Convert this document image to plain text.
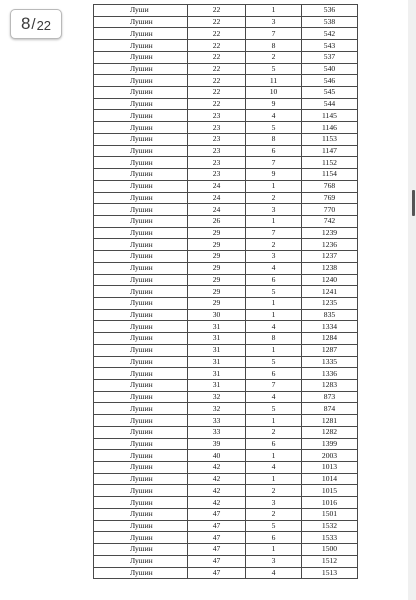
Луши	22	1	536
Лушин	22	3	538
Лушин	22	7	542
Лушин	22	8	543
Лушин	22	2	537
Лушин	22	5	540
Лушин	22	11	546
Лушин	22	10	545
Лушин	22	9	544
Лушин	23	4	1145
Лушин	23	5	1146
Лушин	23	8	1153
Лушин	23	6	1147
Лушин	23	7	1152
Лушин	23	9	1154
Лушин	24	1	768
Лушин	24	2	769
Лушин	24	3	770
Лушин	26	1	742
Лушин	29	7	1239
Лушин	29	2	1236
Лушин	29	3	1237
Лушин	29	4	1238
Лушин	29	6	1240
Лушин	29	5	1241
Лушин	29	1	1235
Лушин	30	1	835
Лушин	31	4	1334
Лушин	31	8	1284
Лушин	31	1	1287
Лушин	31	5	1335
Лушин	31	6	1336
Лушин	31	7	1283
Лушин	32	4	873
Лушин	32	5	874
Лушин	33	1	1281
Лушин	33	2	1282
Лушин	39	6	1399
Лушин	40	1	2003
Лушин	42	4	1013
Лушин	42	1	1014
Лушин	42	2	1015
Лушин	42	3	1016
Лушин	47	2	1501
Лушин	47	5	1532
Лушин	47	6	1533
Лушин	47	1	1500
Лушин	47	3	1512
Лушин	47	4	1513
8 / 22
